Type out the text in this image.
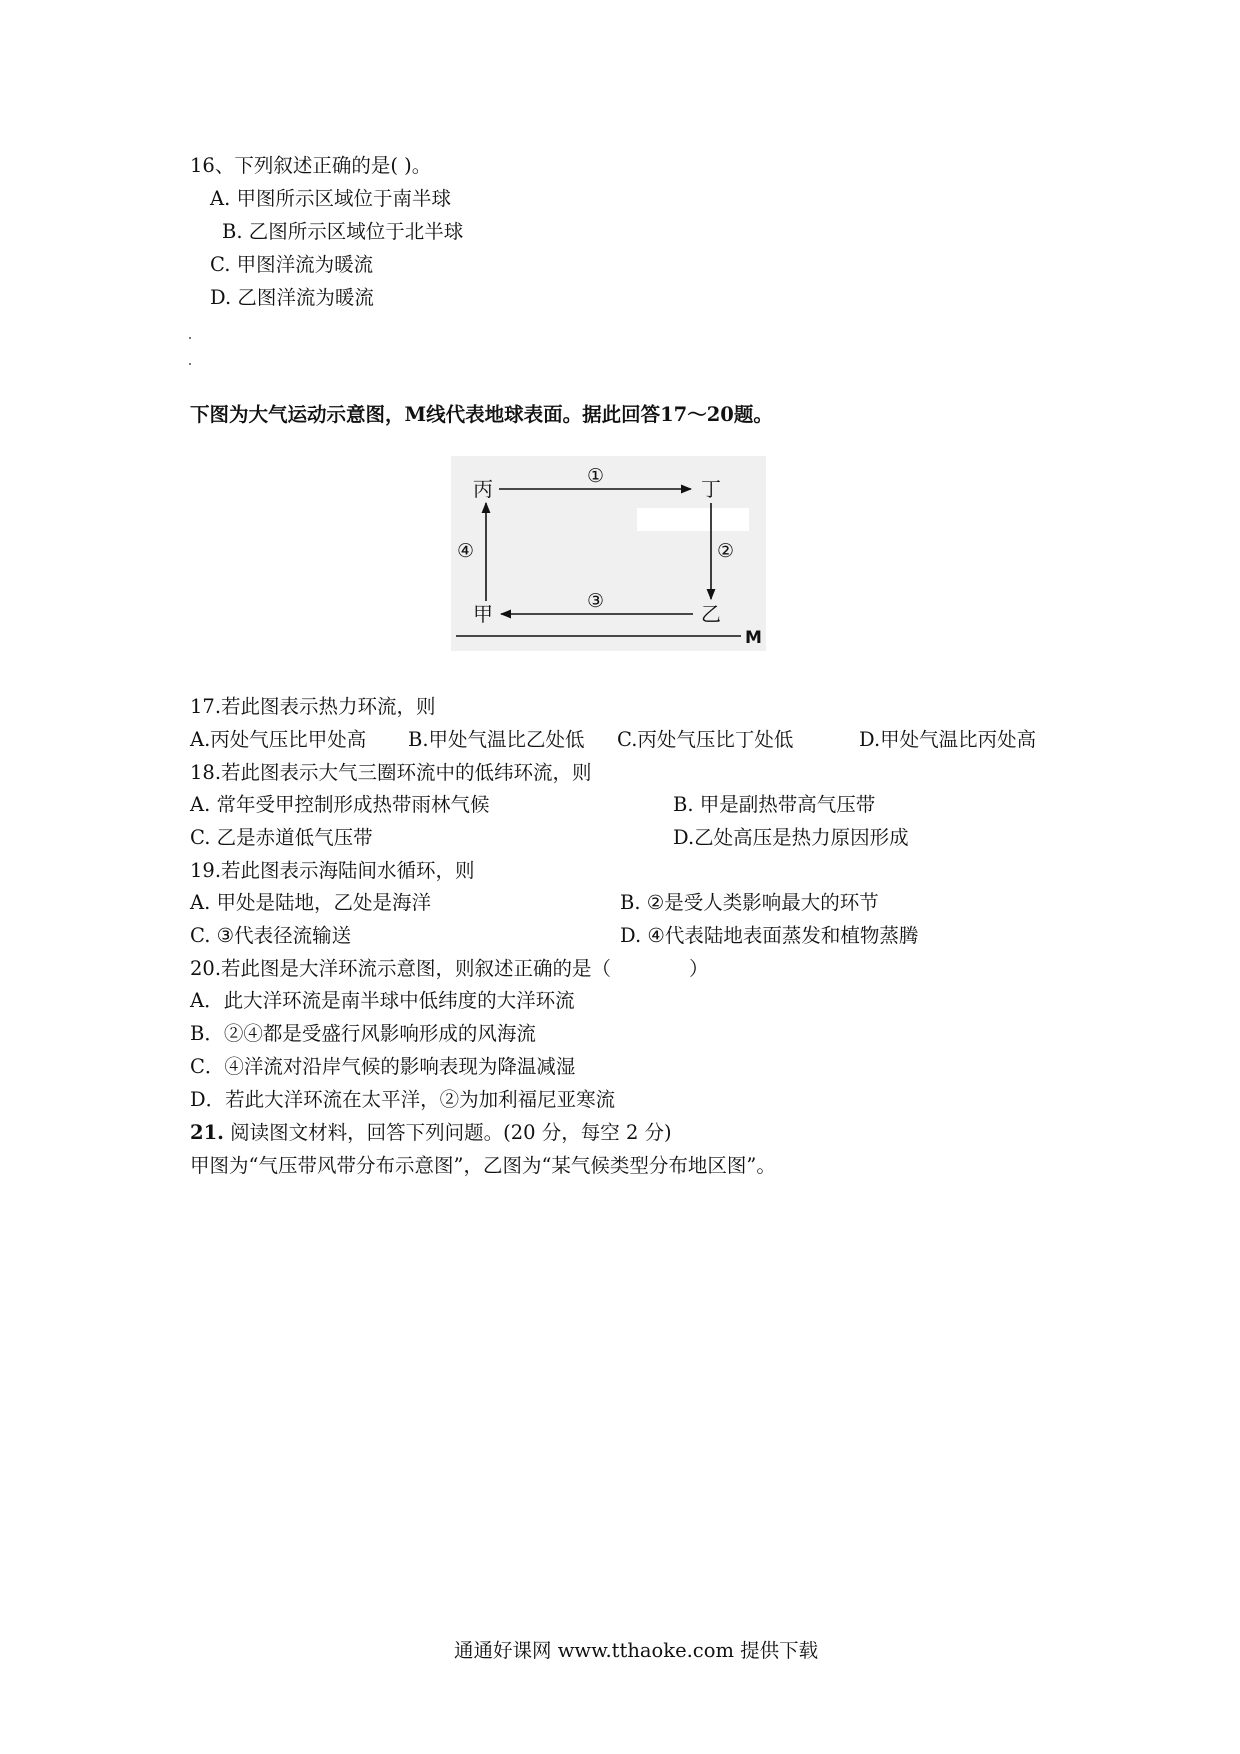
16、下列叙述正确的是( )。
A. 甲图所示区域位于南半球
B. 乙图所示区域位于北半球
C. 甲图洋流为暖流
D. 乙图洋流为暖流
下图为大气运动示意图，M线代表地球表面。据此回答17～20题。
丙	丁
甲	乙
①
②
③
④
M
17.若此图表示热力环流，则
A.丙处气压比甲处高 B.甲处气温比乙处低 C.丙处气压比丁处低	D.甲处气温比丙处高
18.若此图表示大气三圈环流中的低纬环流，则
A. 常年受甲控制形成热带雨林气候	B. 甲是副热带高气压带
C. 乙是赤道低气压带	D.乙处高压是热力原因形成
19.若此图表示海陆间水循环，则
A. 甲处是陆地，乙处是海洋	B. ②是受人类影响最大的环节
C. ③代表径流输送	D. ④代表陆地表面蒸发和植物蒸腾
20.若此图是大洋环流示意图，则叙述正确的是（　　　　）
A．此大洋环流是南半球中低纬度的大洋环流
B．②④都是受盛行风影响形成的风海流
C．④洋流对沿岸气候的影响表现为降温减湿
D．若此大洋环流在太平洋，②为加利福尼亚寒流
21. 阅读图文材料，回答下列问题。(20 分，每空 2 分)
甲图为“气压带风带分布示意图”，乙图为“某气候类型分布地区图”。
通通好课网 www.tthaoke.com 提供下载
